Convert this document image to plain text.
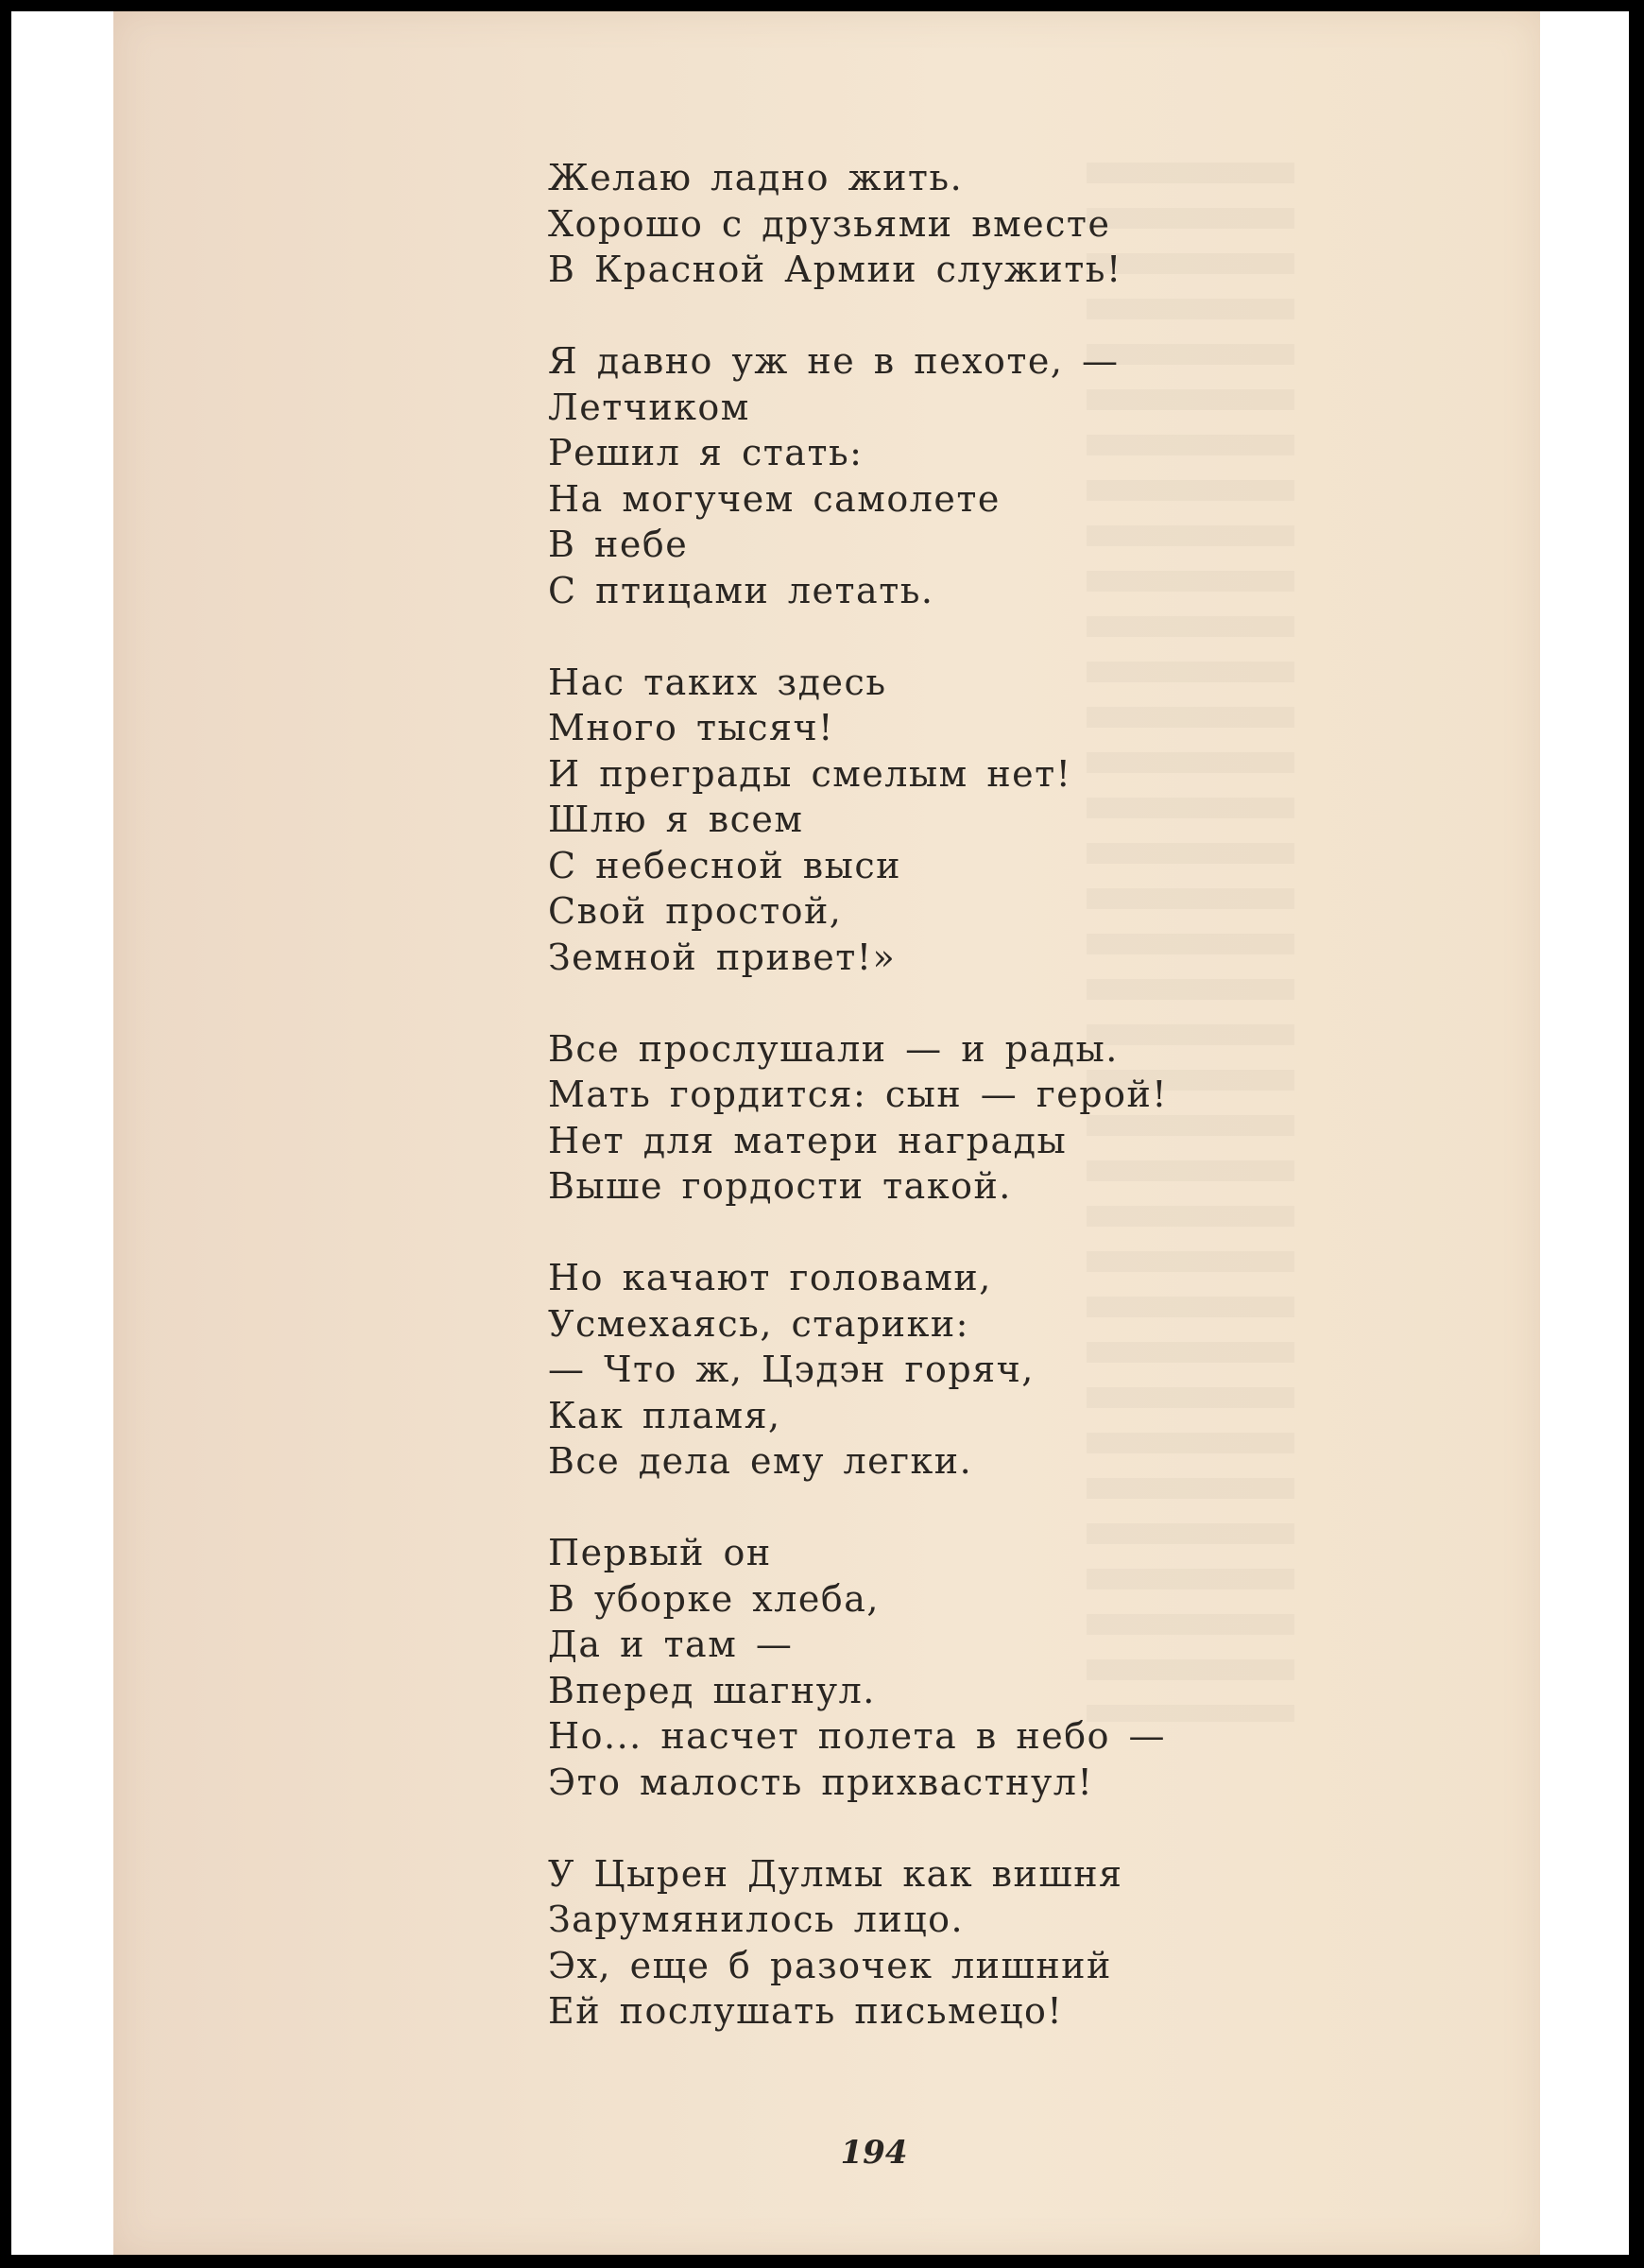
Желаю ладно жить.
Хорошо с друзьями вместе
В Красной Армии служить!
Я давно уж не в пехоте, —
Летчиком
Решил я стать:
На могучем самолете
В небе
С птицами летать.
Нас таких здесь
Много тысяч!
И преграды смелым нет!
Шлю я всем
С небесной выси
Свой простой,
Земной привет!»
Все прослушали — и рады.
Мать гордится: сын — герой!
Нет для матери награды
Выше гордости такой.
Но качают головами,
Усмехаясь, старики:
— Что ж, Цэдэн горяч,
Как пламя,
Все дела ему легки.
Первый он
В уборке хлеба,
Да и там —
Вперед шагнул.
Но... насчет полета в небо —
Это малость прихвастнул!
У Цырен Дулмы как вишня
Зарумянилось лицо.
Эх, еще б разочек лишний
Ей послушать письмецо!
194
